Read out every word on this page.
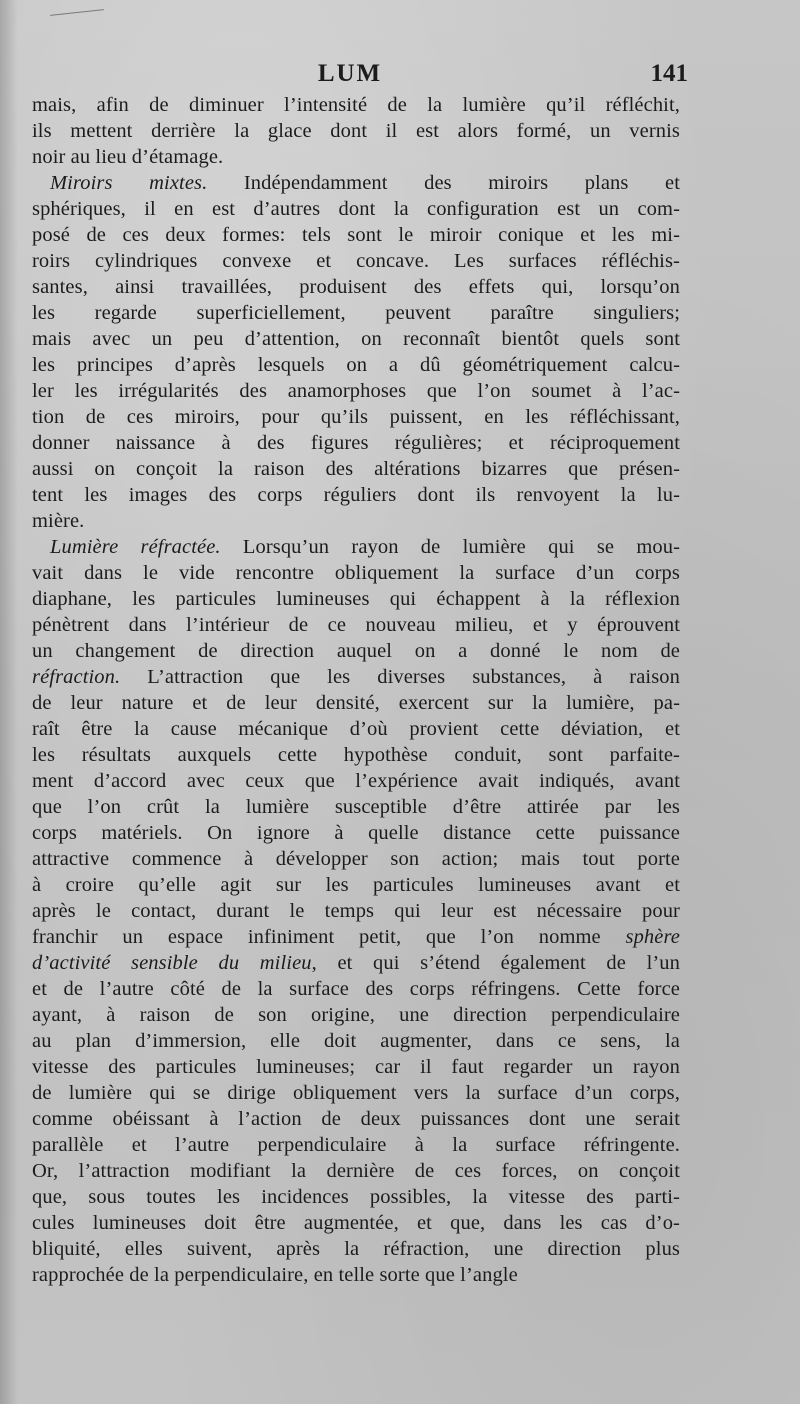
LUM	141
mais, afin de diminuer l’intensité de la lumière qu’il réfléchit,
ils mettent derrière la glace dont il est alors formé, un vernis
noir au lieu d’étamage.
Miroirs mixtes. Indépendamment des miroirs plans et
sphériques, il en est d’autres dont la configuration est un com-
posé de ces deux formes: tels sont le miroir conique et les mi-
roirs cylindriques convexe et concave. Les surfaces réfléchis-
santes, ainsi travaillées, produisent des effets qui, lorsqu’on
les regarde superficiellement, peuvent paraître singuliers;
mais avec un peu d’attention, on reconnaît bientôt quels sont
les principes d’après lesquels on a dû géométriquement calcu-
ler les irrégularités des anamorphoses que l’on soumet à l’ac-
tion de ces miroirs, pour qu’ils puissent, en les réfléchissant,
donner naissance à des figures régulières; et réciproquement
aussi on conçoit la raison des altérations bizarres que présen-
tent les images des corps réguliers dont ils renvoyent la lu-
mière.
Lumière réfractée. Lorsqu’un rayon de lumière qui se mou-
vait dans le vide rencontre obliquement la surface d’un corps
diaphane, les particules lumineuses qui échappent à la réflexion
pénètrent dans l’intérieur de ce nouveau milieu, et y éprouvent
un changement de direction auquel on a donné le nom de
réfraction. L’attraction que les diverses substances, à raison
de leur nature et de leur densité, exercent sur la lumière, pa-
raît être la cause mécanique d’où provient cette déviation, et
les résultats auxquels cette hypothèse conduit, sont parfaite-
ment d’accord avec ceux que l’expérience avait indiqués, avant
que l’on crût la lumière susceptible d’être attirée par les
corps matériels. On ignore à quelle distance cette puissance
attractive commence à développer son action; mais tout porte
à croire qu’elle agit sur les particules lumineuses avant et
après le contact, durant le temps qui leur est nécessaire pour
franchir un espace infiniment petit, que l’on nomme sphère
d’activité sensible du milieu, et qui s’étend également de l’un
et de l’autre côté de la surface des corps réfringens. Cette force
ayant, à raison de son origine, une direction perpendiculaire
au plan d’immersion, elle doit augmenter, dans ce sens, la
vitesse des particules lumineuses; car il faut regarder un rayon
de lumière qui se dirige obliquement vers la surface d’un corps,
comme obéissant à l’action de deux puissances dont une serait
parallèle et l’autre perpendiculaire à la surface réfringente.
Or, l’attraction modifiant la dernière de ces forces, on conçoit
que, sous toutes les incidences possibles, la vitesse des parti-
cules lumineuses doit être augmentée, et que, dans les cas d’o-
bliquité, elles suivent, après la réfraction, une direction plus
rapprochée de la perpendiculaire, en telle sorte que l’angle
